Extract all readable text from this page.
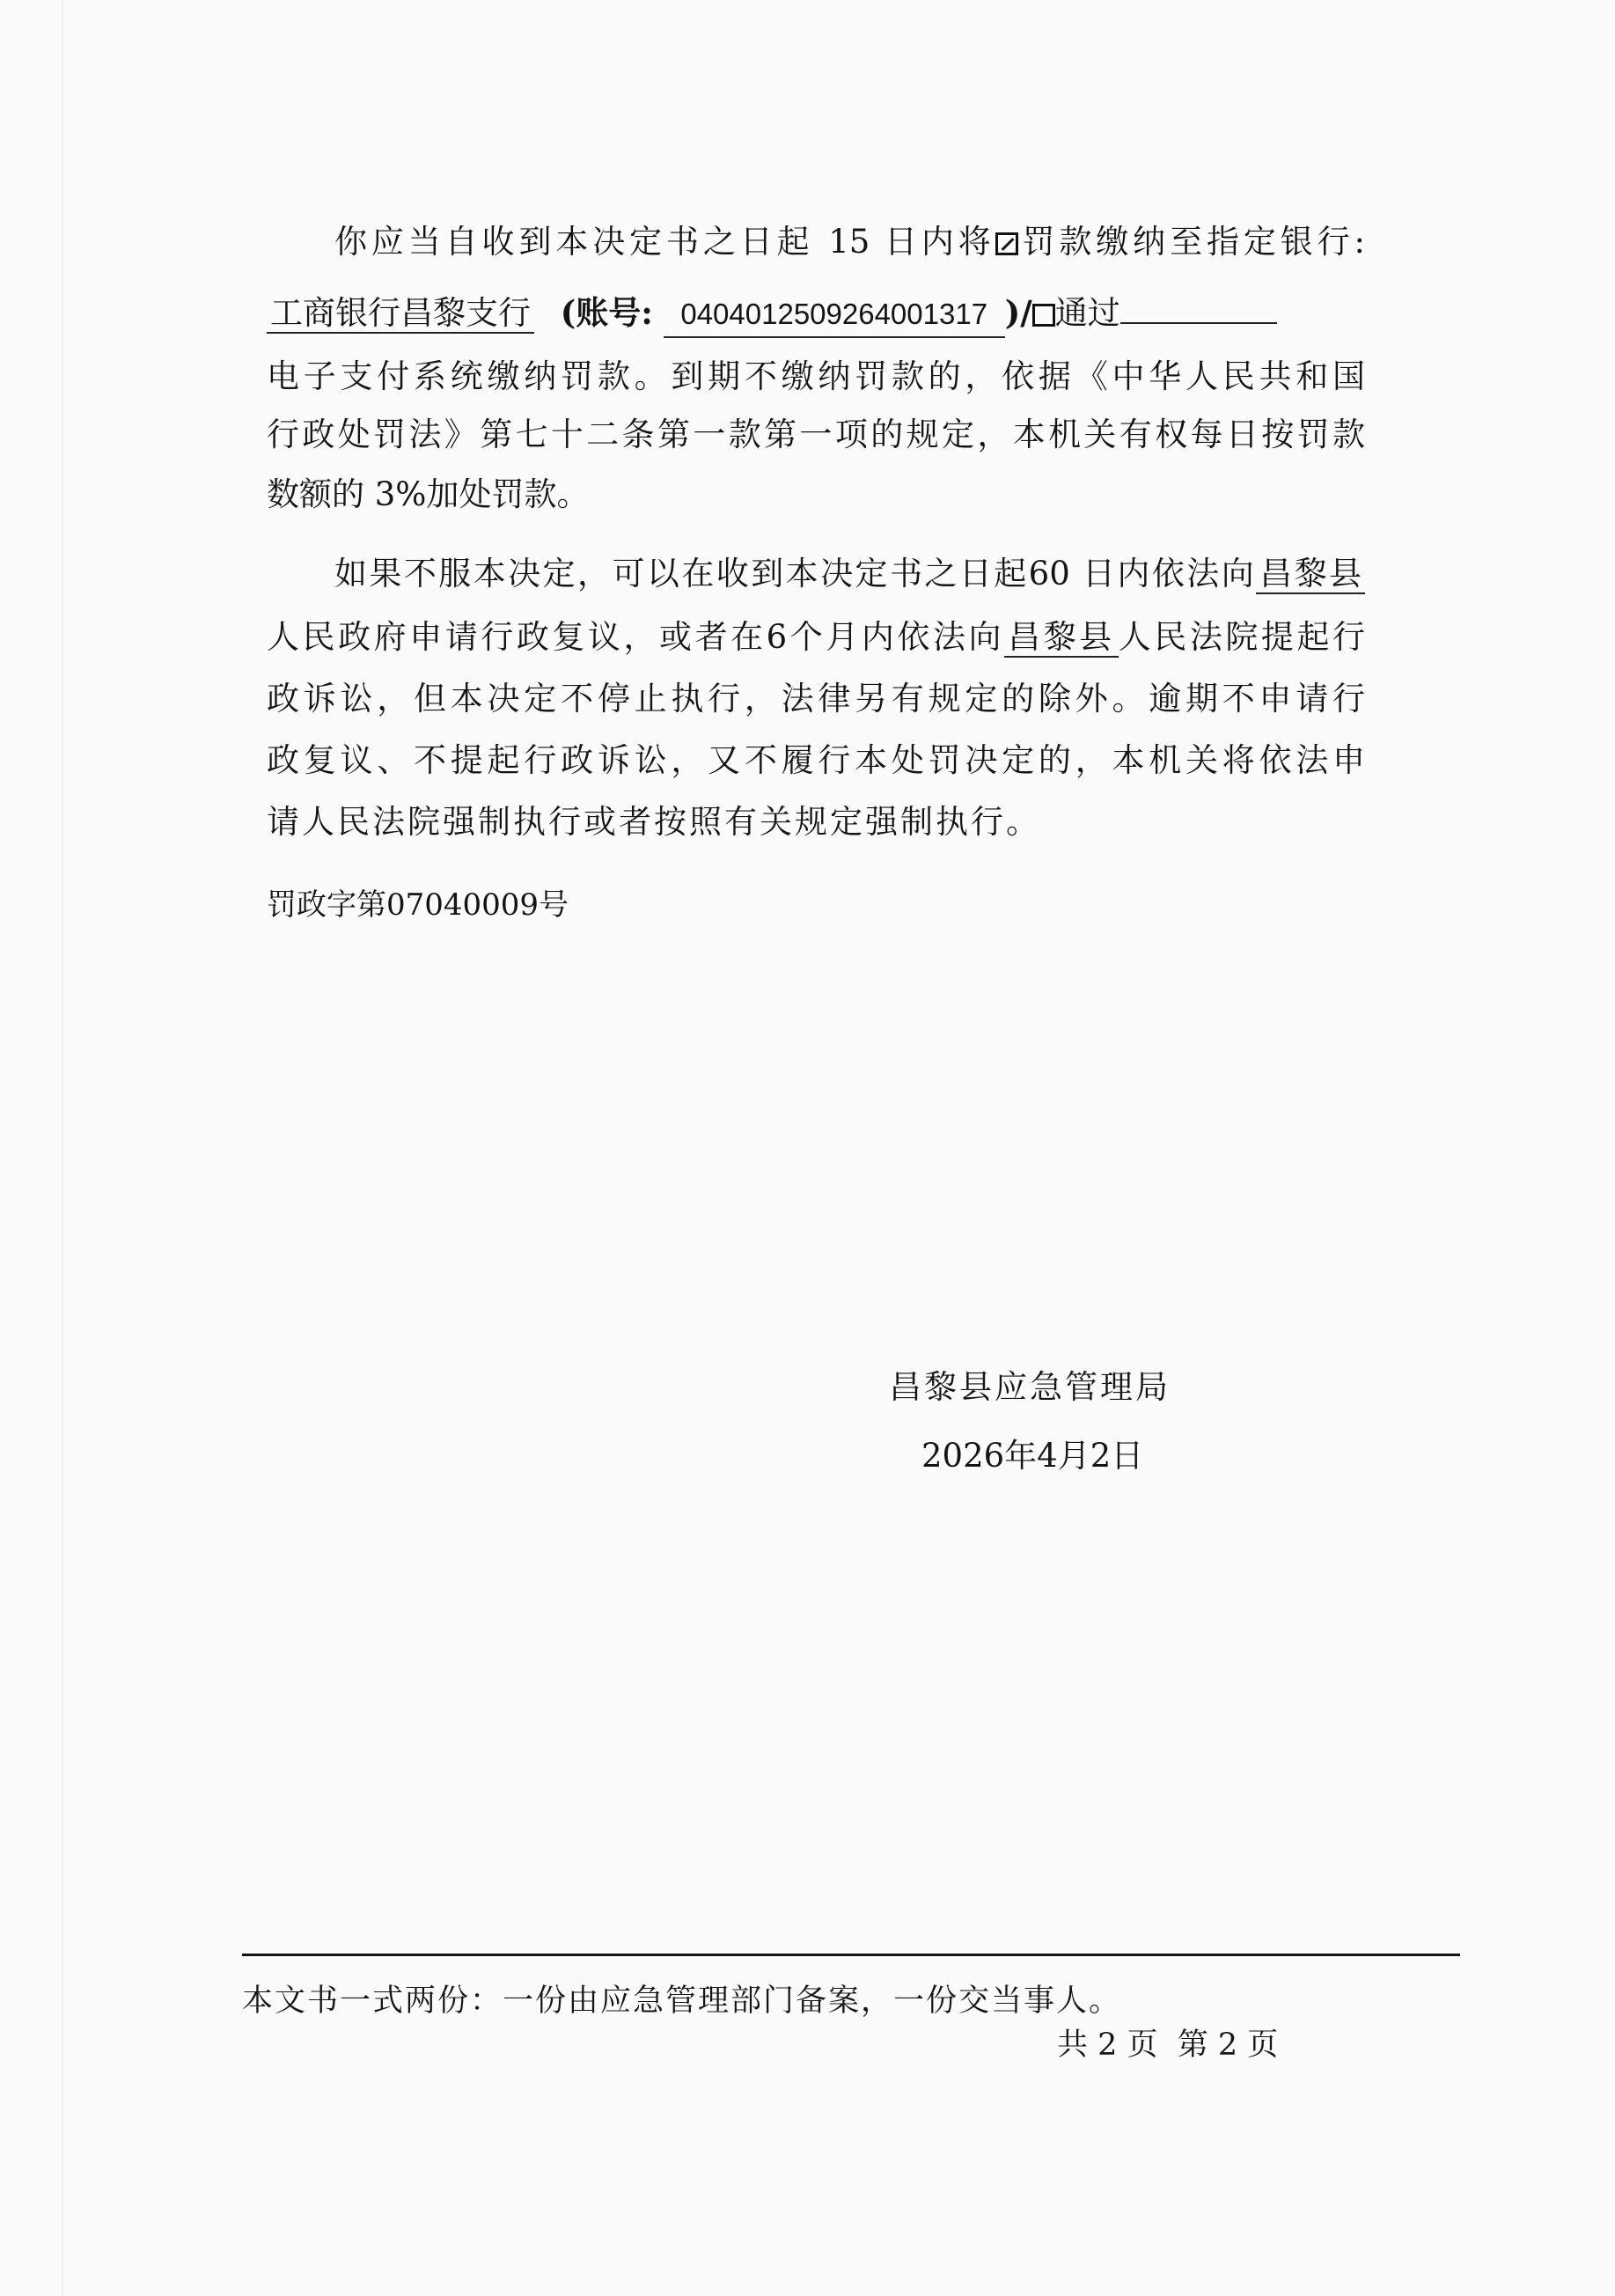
你应当自收到本决定书之日起 15 日内将 罚款缴纳至指定银行:
工商银行昌黎支行 (账号: 0404012509264001317 )/ 通过
电子支付系统缴纳罚款。到期不缴纳罚款的，依据《中华人民共和国
行政处罚法》第七十二条第一款第一项的规定，本机关有权每日按罚款
数额的 3%加处罚款。
如果不服本决定，可以在收到本决定书之日起60 日内依法向 昌黎县
人民政府申请行政复议，或者在6个月内依法向 昌黎县 人民法院提起行
政诉讼，但本决定不停止执行，法律另有规定的除外。逾期不申请行
政复议、不提起行政诉讼，又不履行本处罚决定的，本机关将依法申
请人民法院强制执行或者按照有关规定强制执行。
罚政字第07040009号
昌黎县应急管理局
2026年4月2日
本文书一式两份：一份由应急管理部门备案，一份交当事人。
共 2 页  第 2 页
